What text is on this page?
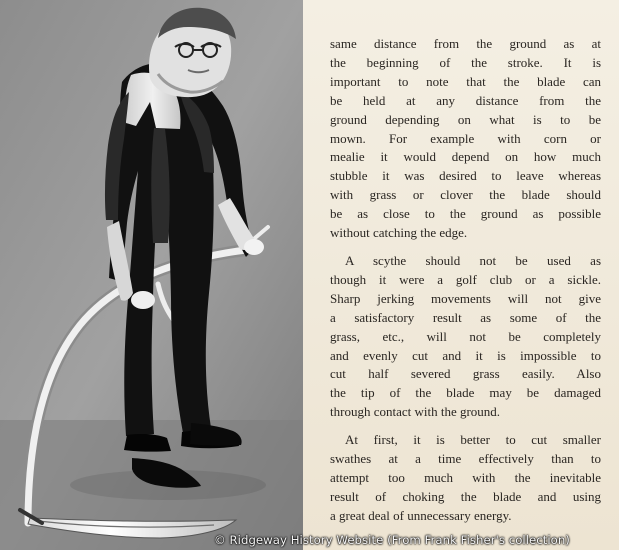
same distance from the ground as at
the beginning of the stroke. It is
important to note that the blade can
be held at any distance from the
ground depending on what is to be
mown. For example with corn or
mealie it would depend on how much
stubble it was desired to leave whereas
with grass or clover the blade should
be as close to the ground as possible
without catching the edge.
A scythe should not be used as
though it were a golf club or a sickle.
Sharp jerking movements will not give
a satisfactory result as some of the
grass, etc., will not be completely
and evenly cut and it is impossible to
cut half severed grass easily. Also
the tip of the blade may be damaged
through contact with the ground.
At first, it is better to cut smaller
swathes at a time effectively than to
attempt too much with the inevitable
result of choking the blade and using
a great deal of unnecessary energy.
© Ridgeway History Website (From Frank Fisher's collection)
